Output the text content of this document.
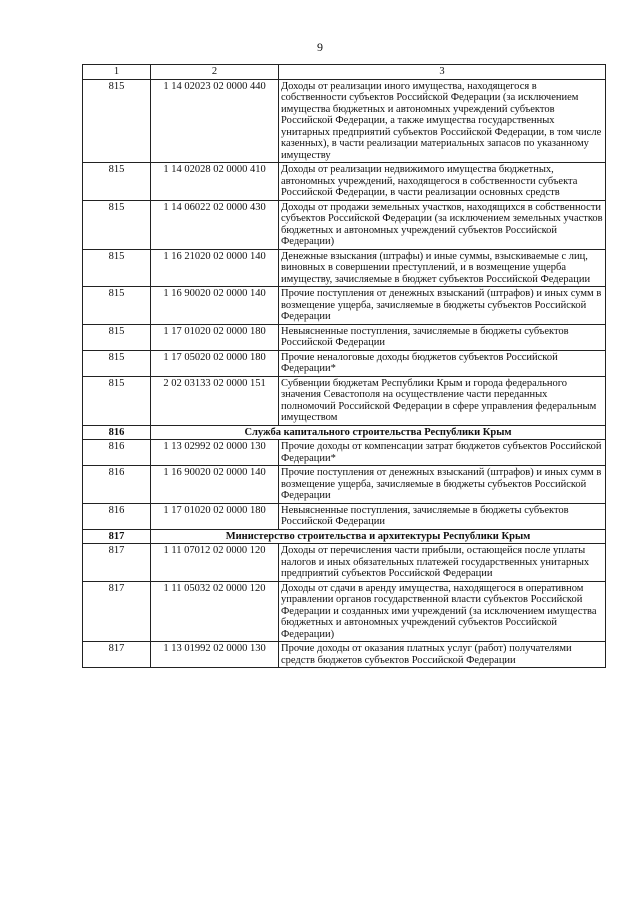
9
1	2	3
815	1 14 02023 02 0000 440	Доходы от реализации иного имущества, находящегося в собственности субъектов Российской Федерации (за исключением имущества бюджетных и автономных учреждений субъектов Российской Федерации, а также имущества государственных унитарных предприятий субъектов Российской Федерации, в том числе казенных), в части реализации материальных запасов по указанному имуществу
815	1 14 02028 02 0000 410	Доходы от реализации недвижимого имущества бюджетных, автономных учреждений, находящегося в собственности субъекта Российской Федерации, в части реализации основных средств
815	1 14 06022 02 0000 430	Доходы от продажи земельных участков, находящихся в собственности субъектов Российской Федерации (за исключением земельных участков бюджетных и автономных учреждений субъектов Российской Федерации)
815	1 16 21020 02 0000 140	Денежные взыскания (штрафы) и иные суммы, взыскиваемые с лиц, виновных в совершении преступлений, и в возмещение ущерба имуществу, зачисляемые в бюджет субъектов Российской Федерации
815	1 16 90020 02 0000 140	Прочие поступления от денежных взысканий (штрафов) и иных сумм в возмещение ущерба, зачисляемые в бюджеты субъектов Российской Федерации
815	1 17 01020 02 0000 180	Невыясненные поступления, зачисляемые в бюджеты субъектов Российской Федерации
815	1 17 05020 02 0000 180	Прочие неналоговые доходы бюджетов субъектов Российской Федерации*
815	2 02 03133 02 0000 151	Субвенции бюджетам Республики Крым и города федерального значения Севастополя на осуществление части переданных полномочий Российской Федерации в сфере управления федеральным имуществом
816	Служба капитального строительства Республики Крым	
816	1 13 02992 02 0000 130	Прочие доходы от компенсации затрат бюджетов субъектов Российской Федерации*
816	1 16 90020 02 0000 140	Прочие поступления от денежных взысканий (штрафов) и иных сумм в возмещение ущерба, зачисляемые в бюджеты субъектов Российской Федерации
816	1 17 01020 02 0000 180	Невыясненные поступления, зачисляемые в бюджеты субъектов Российской Федерации
817	Министерство строительства и архитектуры Республики Крым	
817	1 11 07012 02 0000 120	Доходы от перечисления части прибыли, остающейся после уплаты налогов и иных обязательных платежей государственных унитарных предприятий субъектов Российской Федерации
817	1 11 05032 02 0000 120	Доходы от сдачи в аренду имущества, находящегося в оперативном управлении органов государственной власти субъектов Российской Федерации и созданных ими учреждений (за исключением имущества бюджетных и автономных учреждений субъектов Российской Федерации)
817	1 13 01992 02 0000 130	Прочие доходы от оказания платных услуг (работ) получателями средств бюджетов субъектов Российской Федерации
